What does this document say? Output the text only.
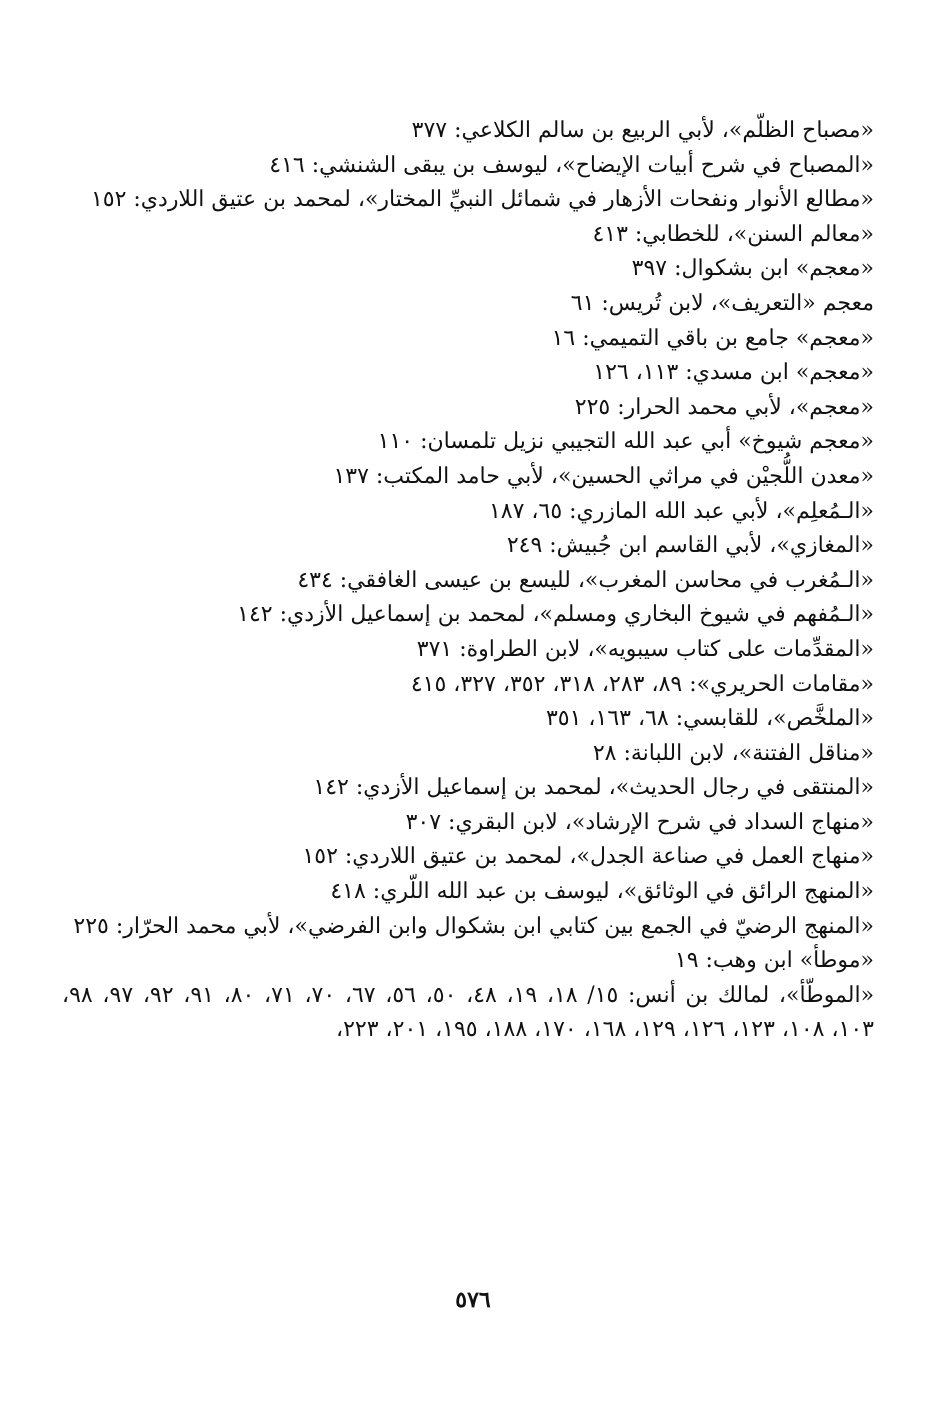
«مصباح الظلّم»، لأبي الربيع بن سالم الكلاعي: ٣٧٧
«المصباح في شرح أبيات الإيضاح»، ليوسف بن يبقى الشنشي: ٤١٦
«مطالع الأنوار ونفحات الأزهار في شمائل النبيِّ المختار»، لمحمد بن عتيق اللاردي: ١٥٢
«معالم السنن»، للخطابي: ٤١٣
«معجم» ابن بشكوال: ٣٩٧
معجم «التعريف»، لابن تُريس: ٦١
«معجم» جامع بن باقي التميمي: ١٦
«معجم» ابن مسدي: ١١٣، ١٢٦
«معجم»، لأبي محمد الحرار: ٢٢٥
«معجم شيوخ» أبي عبد الله التجيبي نزيل تلمسان: ١١٠
«معدن اللُّجيْن في مراثي الحسين»، لأبي حامد المكتب: ١٣٧
«الـمُعلِم»، لأبي عبد الله المازري: ٦٥، ١٨٧
«المغازي»، لأبي القاسم ابن جُبيش: ٢٤٩
«الـمُغرب في محاسن المغرب»، لليسع بن عيسى الغافقي: ٤٣٤
«الـمُفهم في شيوخ البخاري ومسلم»، لمحمد بن إسماعيل الأزدي: ١٤٢
«المقدِّمات على كتاب سيبويه»، لابن الطراوة: ٣٧١
«مقامات الحريري»: ٨٩، ٢٨٣، ٣١٨، ٣٥٢، ٣٢٧، ٤١٥
«الملخَّص»، للقابسي: ٦٨، ١٦٣، ٣٥١
«مناقل الفتنة»، لابن اللبانة: ٢٨
«المنتقى في رجال الحديث»، لمحمد بن إسماعيل الأزدي: ١٤٢
«منهاج السداد في شرح الإرشاد»، لابن البقري: ٣٠٧
«منهاج العمل في صناعة الجدل»، لمحمد بن عتيق اللاردي: ١٥٢
«المنهج الرائق في الوثائق»، ليوسف بن عبد الله اللّري: ٤١٨
«المنهج الرضيّ في الجمع بين كتابي ابن بشكوال وابن الفرضي»، لأبي محمد الحرّار: ٢٢٥
«موطأ» ابن وهب: ١٩
«الموطّأ»، لمالك بن أنس: ١٥/ ١٨، ١٩، ٤٨، ٥٠، ٥٦، ٦٧، ٧٠، ٧١، ٨٠، ٩١، ٩٢، ٩٧، ٩٨، ١٠٣، ١٠٨، ١٢٣، ١٢٦، ١٢٩، ١٦٨، ١٧٠، ١٨٨، ١٩٥، ٢٠١، ٢٢٣،
٥٧٦
